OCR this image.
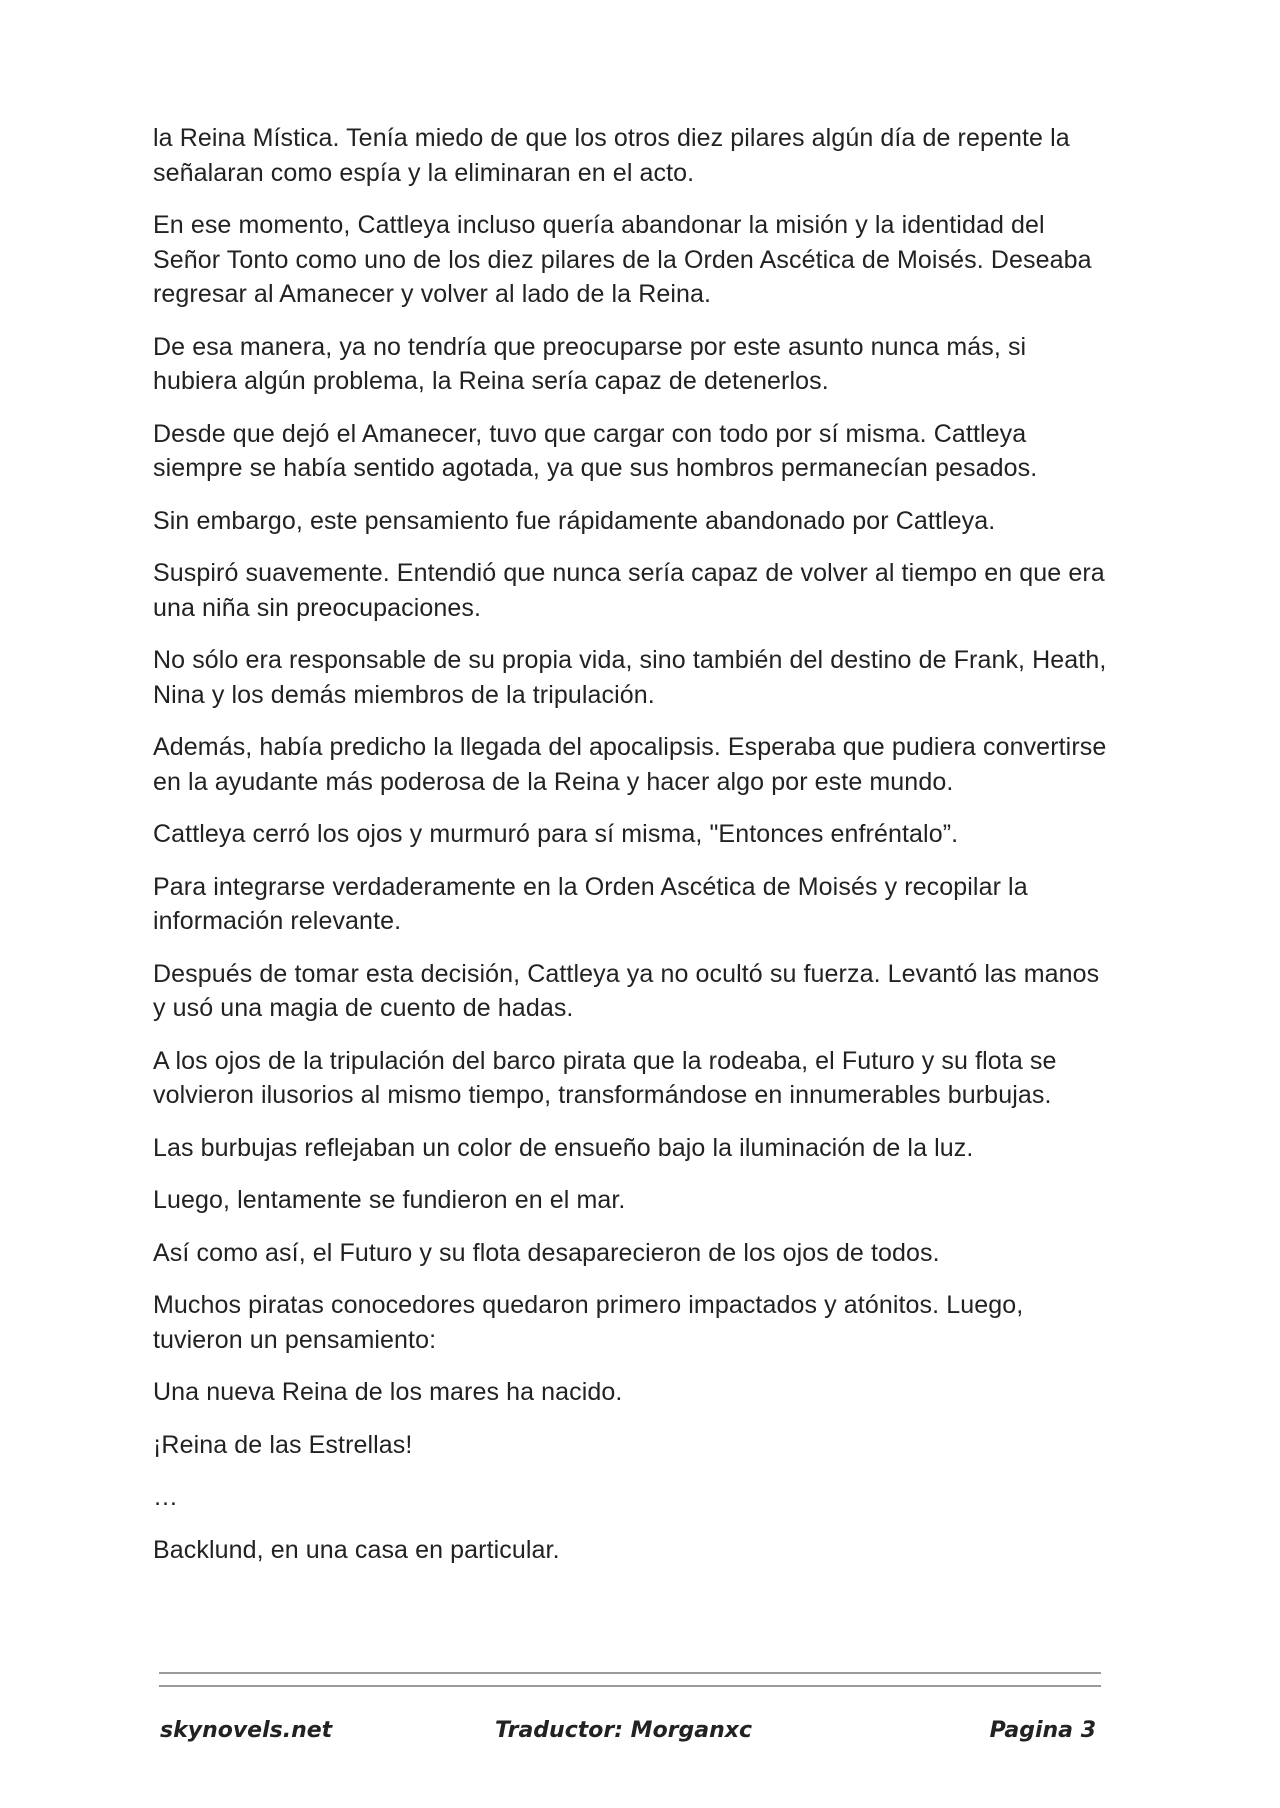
la Reina Mística. Tenía miedo de que los otros diez pilares algún día de repente la señalaran como espía y la eliminaran en el acto.

En ese momento, Cattleya incluso quería abandonar la misión y la identidad del Señor Tonto como uno de los diez pilares de la Orden Ascética de Moisés. Deseaba regresar al Amanecer y volver al lado de la Reina.

De esa manera, ya no tendría que preocuparse por este asunto nunca más, si hubiera algún problema, la Reina sería capaz de detenerlos.

Desde que dejó el Amanecer, tuvo que cargar con todo por sí misma. Cattleya siempre se había sentido agotada, ya que sus hombros permanecían pesados.

Sin embargo, este pensamiento fue rápidamente abandonado por Cattleya.

Suspiró suavemente. Entendió que nunca sería capaz de volver al tiempo en que era una niña sin preocupaciones.

No sólo era responsable de su propia vida, sino también del destino de Frank, Heath, Nina y los demás miembros de la tripulación.

Además, había predicho la llegada del apocalipsis. Esperaba que pudiera convertirse en la ayudante más poderosa de la Reina y hacer algo por este mundo.

Cattleya cerró los ojos y murmuró para sí misma, "Entonces enfréntalo”.

Para integrarse verdaderamente en la Orden Ascética de Moisés y recopilar la información relevante.

Después de tomar esta decisión, Cattleya ya no ocultó su fuerza. Levantó las manos y usó una magia de cuento de hadas.

A los ojos de la tripulación del barco pirata que la rodeaba, el Futuro y su flota se volvieron ilusorios al mismo tiempo, transformándose en innumerables burbujas.

Las burbujas reflejaban un color de ensueño bajo la iluminación de la luz.

Luego, lentamente se fundieron en el mar.

Así como así, el Futuro y su flota desaparecieron de los ojos de todos.

Muchos piratas conocedores quedaron primero impactados y atónitos. Luego, tuvieron un pensamiento:

Una nueva Reina de los mares ha nacido.

¡Reina de las Estrellas!

…

Backlund, en una casa en particular.

skynovels.net	Traductor: Morganxc	Pagina 3
